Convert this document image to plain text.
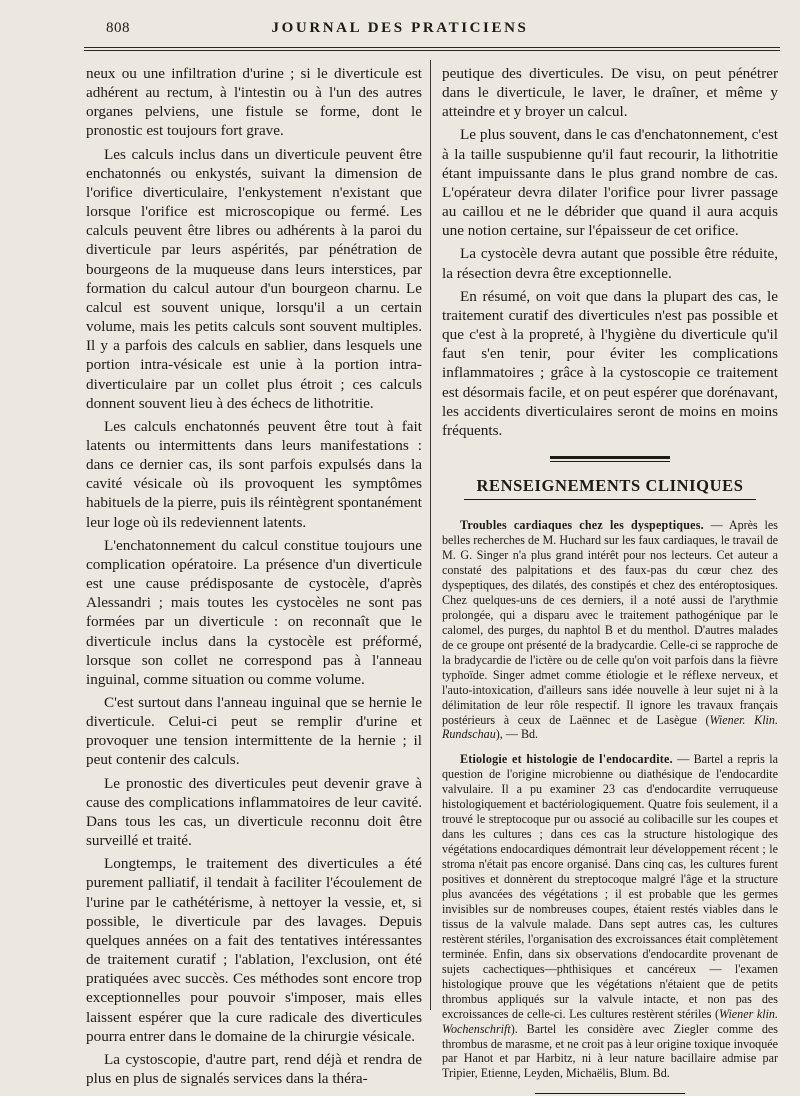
808	JOURNAL DES PRATICIENS

neux ou une infiltration d'urine ; si le diverticule est adhérent au rectum, à l'intestin ou à l'un des autres organes pelviens, une fistule se forme, dont le pronostic est toujours fort grave.

Les calculs inclus dans un diverticule peuvent être enchatonnés ou enkystés, suivant la dimension de l'orifice diverticulaire, l'enkystement n'existant que lorsque l'orifice est microscopique ou fermé. Les calculs peuvent être libres ou adhérents à la paroi du diverticule par leurs aspérités, par pénétration de bourgeons de la muqueuse dans leurs interstices, par formation du calcul autour d'un bourgeon charnu. Le calcul est souvent unique, lorsqu'il a un certain volume, mais les petits calculs sont souvent multiples. Il y a parfois des calculs en sablier, dans lesquels une portion intra-vésicale est unie à la portion intra-diverticulaire par un collet plus étroit ; ces calculs donnent souvent lieu à des échecs de lithotritie.

Les calculs enchatonnés peuvent être tout à fait latents ou intermittents dans leurs manifestations : dans ce dernier cas, ils sont parfois expulsés dans la cavité vésicale où ils provoquent les symptômes habituels de la pierre, puis ils réintègrent spontanément leur loge où ils redeviennent latents.

L'enchatonnement du calcul constitue toujours une complication opératoire. La présence d'un diverticule est une cause prédisposante de cystocèle, d'après Alessandri ; mais toutes les cystocèles ne sont pas formées par un diverticule : on reconnaît que le diverticule inclus dans la cystocèle est préformé, lorsque son collet ne correspond pas à l'anneau inguinal, comme situation ou comme volume.

C'est surtout dans l'anneau inguinal que se hernie le diverticule. Celui-ci peut se remplir d'urine et provoquer une tension intermittente de la hernie ; il peut contenir des calculs.

Le pronostic des diverticules peut devenir grave à cause des complications inflammatoires de leur cavité. Dans tous les cas, un diverticule reconnu doit être surveillé et traité.

Longtemps, le traitement des diverticules a été purement palliatif, il tendait à faciliter l'écoulement de l'urine par le cathétérisme, à nettoyer la vessie, et, si possible, le diverticule par des lavages. Depuis quelques années on a fait des tentatives intéressantes de traitement curatif ; l'ablation, l'exclusion, ont été pratiquées avec succès. Ces méthodes sont encore trop exceptionnelles pour pouvoir s'imposer, mais elles laissent espérer que la cure radicale des diverticules pourra entrer dans le domaine de la chirurgie vésicale.

La cystoscopie, d'autre part, rend déjà et rendra de plus en plus de signalés services dans la théra-

peutique des diverticules. De visu, on peut pénétrer dans le diverticule, le laver, le draîner, et même y atteindre et y broyer un calcul.

Le plus souvent, dans le cas d'enchatonnement, c'est à la taille suspubienne qu'il faut recourir, la lithotritie étant impuissante dans le plus grand nombre de cas. L'opérateur devra dilater l'orifice pour livrer passage au caillou et ne le débrider que quand il aura acquis une notion certaine, sur l'épaisseur de cet orifice.

La cystocèle devra autant que possible être réduite, la résection devra être exceptionnelle.

En résumé, on voit que dans la plupart des cas, le traitement curatif des diverticules n'est pas possible et que c'est à la propreté, à l'hygiène du diverticule qu'il faut s'en tenir, pour éviter les complications inflammatoires ; grâce à la cystoscopie ce traitement est désormais facile, et on peut espérer que dorénavant, les accidents diverticulaires seront de moins en moins fréquents.

RENSEIGNEMENTS CLINIQUES

Troubles cardiaques chez les dyspeptiques. — Après les belles recherches de M. Huchard sur les faux cardiaques, le travail de M. G. Singer n'a plus grand intérêt pour nos lecteurs. Cet auteur a constaté des palpitations et des faux-pas du cœur chez des dyspeptiques, des dilatés, des constipés et chez des entéroptosiques. Chez quelques-uns de ces derniers, il a noté aussi de l'arythmie prolongée, qui a disparu avec le traitement pathogénique par le calomel, des purges, du naphtol B et du menthol. D'autres malades de ce groupe ont présenté de la bradycardie. Celle-ci se rapproche de la bradycardie de l'ictère ou de celle qu'on voit parfois dans la fièvre typhoïde. Singer admet comme étiologie et le réflexe nerveux, et l'auto-intoxication, d'ailleurs sans idée nouvelle à leur sujet ni à la délimitation de leur rôle respectif. Il ignore les travaux français postérieurs à ceux de Laënnec et de Lasègue (Wiener. Klin. Rundschau), — Bd.

Etiologie et histologie de l'endocardite. — Bartel a repris la question de l'origine microbienne ou diathésique de l'endocardite valvulaire. Il a pu examiner 23 cas d'endocardite verruqueuse histologiquement et bactériologiquement. Quatre fois seulement, il a trouvé le streptocoque pur ou associé au colibacille sur les coupes et dans les cultures ; dans ces cas la structure histologique des végétations endocardiques démontrait leur développement récent ; le stroma n'était pas encore organisé. Dans cinq cas, les cultures furent positives et donnèrent du streptocoque malgré l'âge et la structure plus avancées des végétations ; il est probable que les germes invisibles sur de nombreuses coupes, étaient restés viables dans le tissus de la valvule malade. Dans sept autres cas, les cultures restèrent stériles, l'organisation des excroissances était complètement terminée. Enfin, dans six observations d'endocardite provenant de sujets cachectiques—phthisiques et cancéreux — l'examen histologique prouve que les végétations n'étaient que de petits thrombus appliqués sur la valvule intacte, et non pas des excroissances de celle-ci. Les cultures restèrent stériles (Wiener klin. Wochenschrift). Bartel les considère avec Ziegler comme des thrombus de marasme, et ne croit pas à leur origine toxique invoquée par Hanot et par Harbitz, ni à leur nature bacillaire admise par Tripier, Etienne, Leyden, Michaëlis, Blum. Bd.
